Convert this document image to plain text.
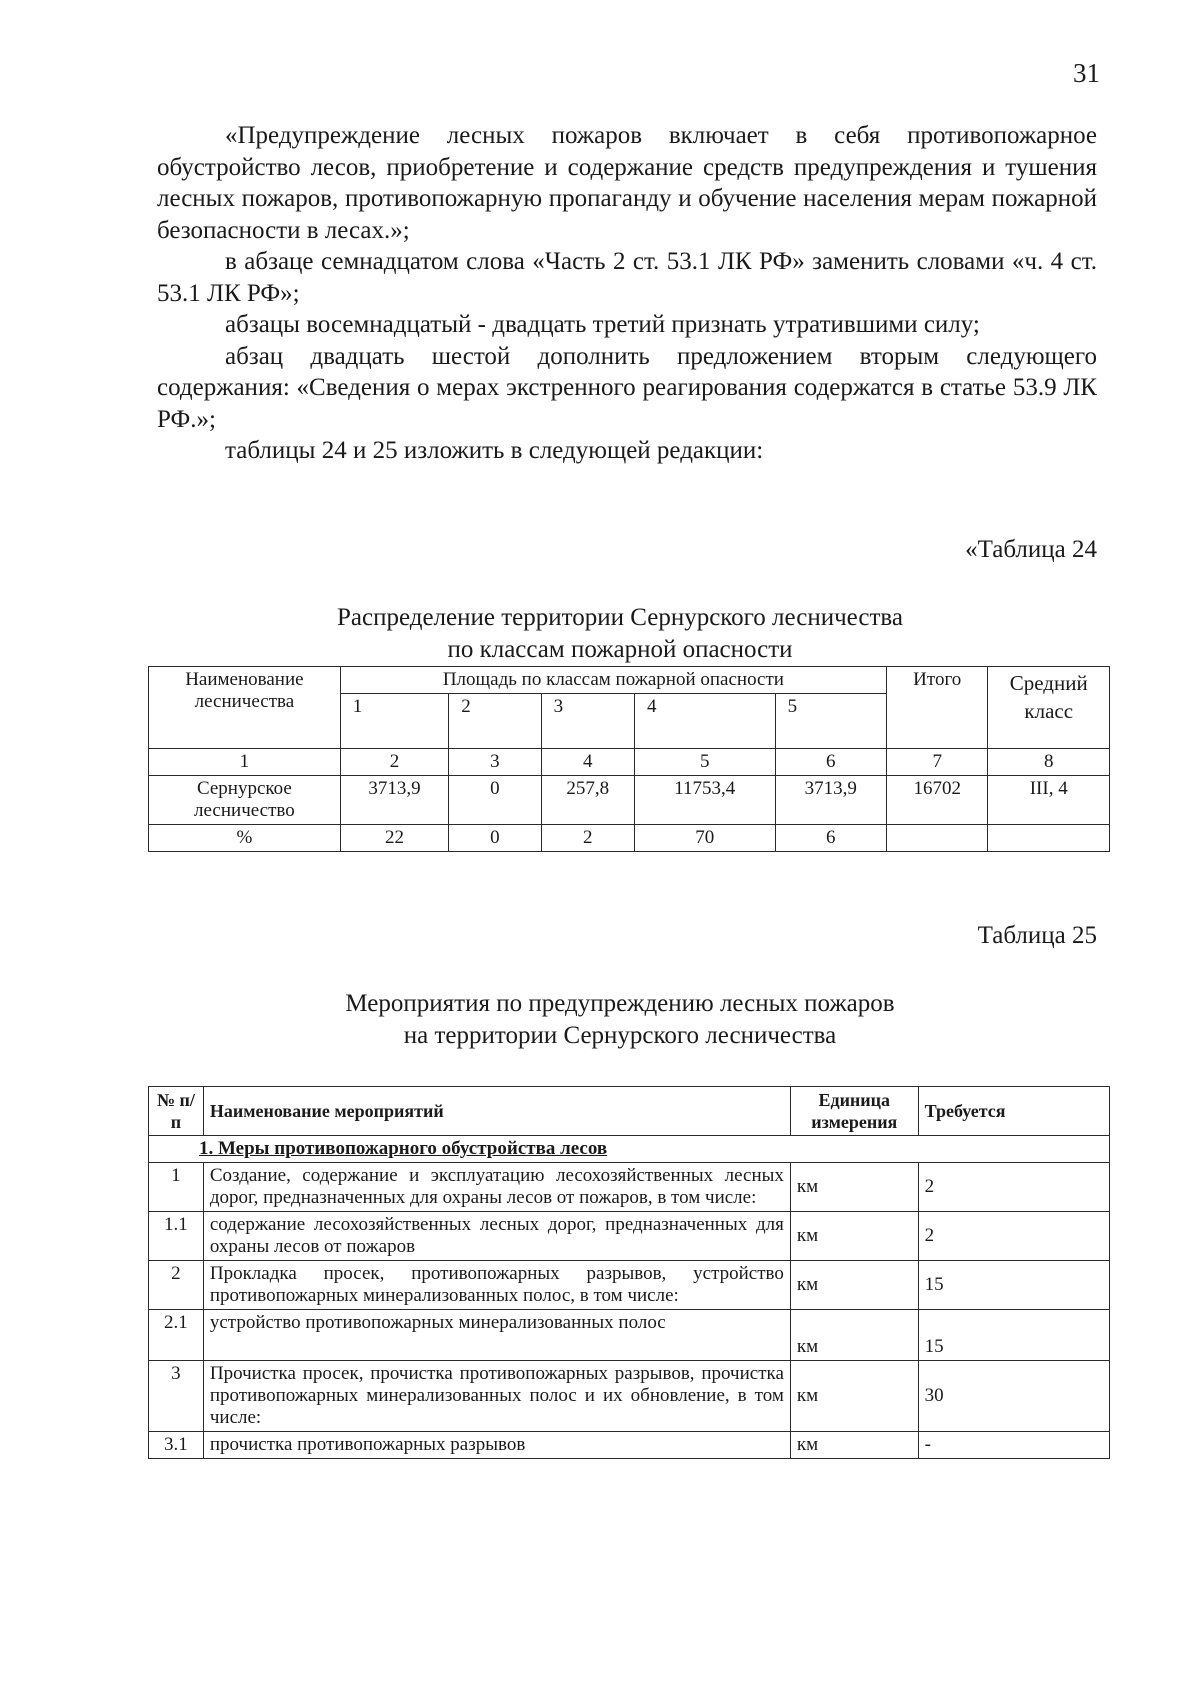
31

«Предупреждение лесных пожаров включает в себя противопожарное обустройство лесов, приобретение и содержание средств предупреждения и тушения лесных пожаров, противопожарную пропаганду и обучение населения мерам пожарной безопасности в лесах.»;

в абзаце семнадцатом слова «Часть 2 ст. 53.1 ЛК РФ» заменить словами «ч. 4 ст. 53.1 ЛК РФ»;

абзацы восемнадцатый - двадцать третий признать утратившими силу;

абзац двадцать шестой дополнить предложением вторым следующего содержания: «Сведения о мерах экстренного реагирования содержатся в статье 53.9 ЛК РФ.»;

таблицы 24 и 25 изложить в следующей редакции:

«Таблица 24
Распределение территории Сернурского лесничества
по классам пожарной опасности
Наименование лесничества	Площадь по классам пожарной опасности					Итого	Средний класс
	1	2	3	4	5		
1	2	3	4	5	6	7	8
Сернурское лесничество	3713,9	0	257,8	11753,4	3713,9	16702	III, 4
%	22	0	2	70	6		
Таблица 25
Мероприятия по предупреждению лесных пожаров
на территории Сернурского лесничества
№ п/п	Наименование мероприятий	Единица измерения	Требуется
1. Меры противопожарного обустройства лесов			
1	Создание, содержание и эксплуатацию лесохозяйственных лесных дорог, предназначенных для охраны лесов от пожаров, в том числе:	км	2
1.1	содержание лесохозяйственных лесных дорог, предназначенных для охраны лесов от пожаров	км	2
2	Прокладка просек, противопожарных разрывов, устройство противопожарных минерализованных полос, в том числе:	км	15
2.1	устройство противопожарных минерализованных полос	км	15
3	Прочистка просек, прочистка противопожарных разрывов, прочистка противопожарных минерализованных полос и их обновление, в том числе:	км	30
3.1	прочистка противопожарных разрывов	км	-
